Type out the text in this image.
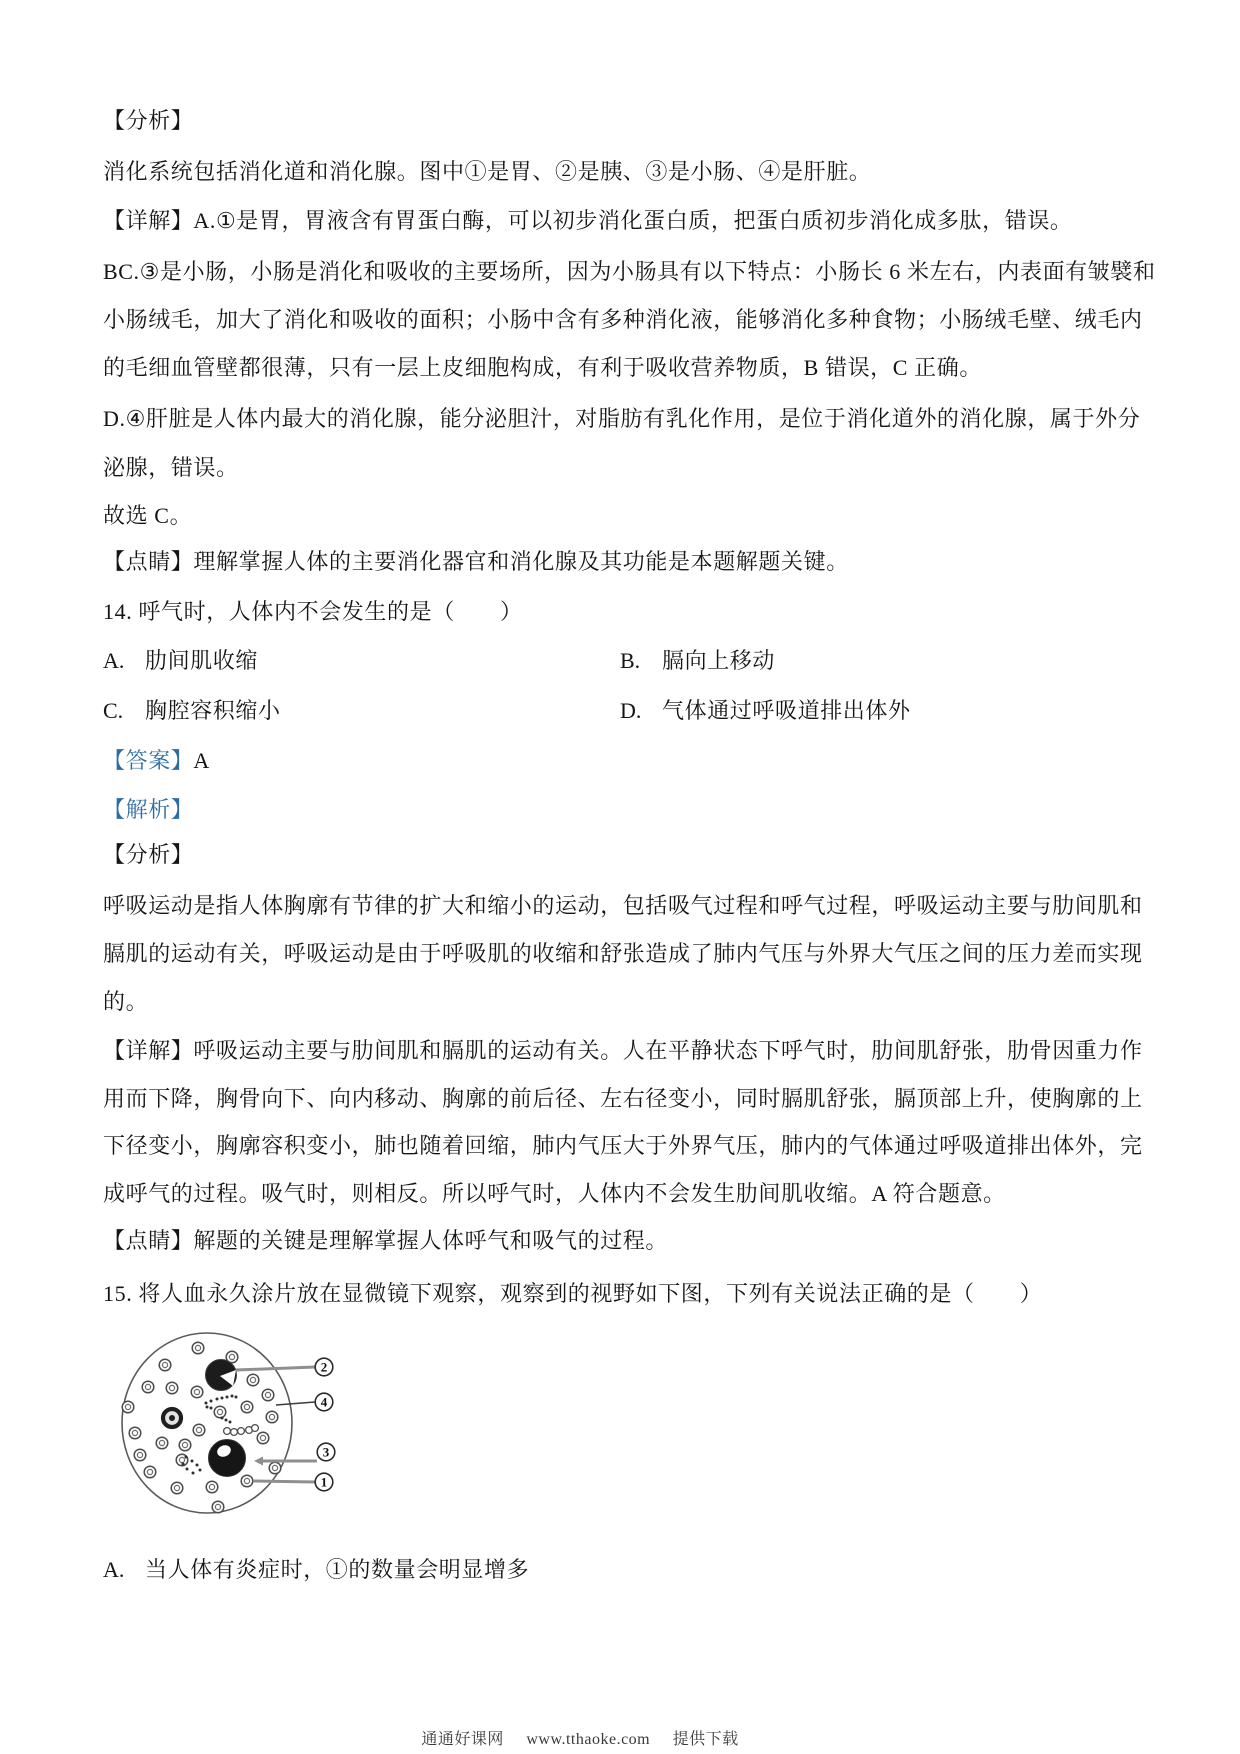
【分析】
消化系统包括消化道和消化腺。图中①是胃、②是胰、③是小肠、④是肝脏。
【详解】A.①是胃，胃液含有胃蛋白酶，可以初步消化蛋白质，把蛋白质初步消化成多肽，错误。
BC.③是小肠，小肠是消化和吸收的主要场所，因为小肠具有以下特点：小肠长 6 米左右，内表面有皱襞和
小肠绒毛，加大了消化和吸收的面积；小肠中含有多种消化液，能够消化多种食物；小肠绒毛壁、绒毛内
的毛细血管壁都很薄，只有一层上皮细胞构成，有利于吸收营养物质，B 错误，C 正确。
D.④肝脏是人体内最大的消化腺，能分泌胆汁，对脂肪有乳化作用，是位于消化道外的消化腺，属于外分
泌腺，错误。
故选 C。
【点睛】理解掌握人体的主要消化器官和消化腺及其功能是本题解题关键。
14. 呼气时，人体内不会发生的是（　　）
A. 肋间肌收缩	B. 膈向上移动
C. 胸腔容积缩小	D. 气体通过呼吸道排出体外
【答案】A
【解析】
【分析】
呼吸运动是指人体胸廓有节律的扩大和缩小的运动，包括吸气过程和呼气过程，呼吸运动主要与肋间肌和
膈肌的运动有关，呼吸运动是由于呼吸肌的收缩和舒张造成了肺内气压与外界大气压之间的压力差而实现
的。
【详解】呼吸运动主要与肋间肌和膈肌的运动有关。人在平静状态下呼气时，肋间肌舒张，肋骨因重力作
用而下降，胸骨向下、向内移动、胸廓的前后径、左右径变小，同时膈肌舒张，膈顶部上升，使胸廓的上
下径变小，胸廓容积变小，肺也随着回缩，肺内气压大于外界气压，肺内的气体通过呼吸道排出体外，完
成呼气的过程。吸气时，则相反。所以呼气时，人体内不会发生肋间肌收缩。A 符合题意。
【点睛】解题的关键是理解掌握人体呼气和吸气的过程。
15. 将人血永久涂片放在显微镜下观察，观察到的视野如下图，下列有关说法正确的是（　　）
2
4
3
1
A. 当人体有炎症时，①的数量会明显增多
通通好课网 www.tthaoke.com 提供下载
